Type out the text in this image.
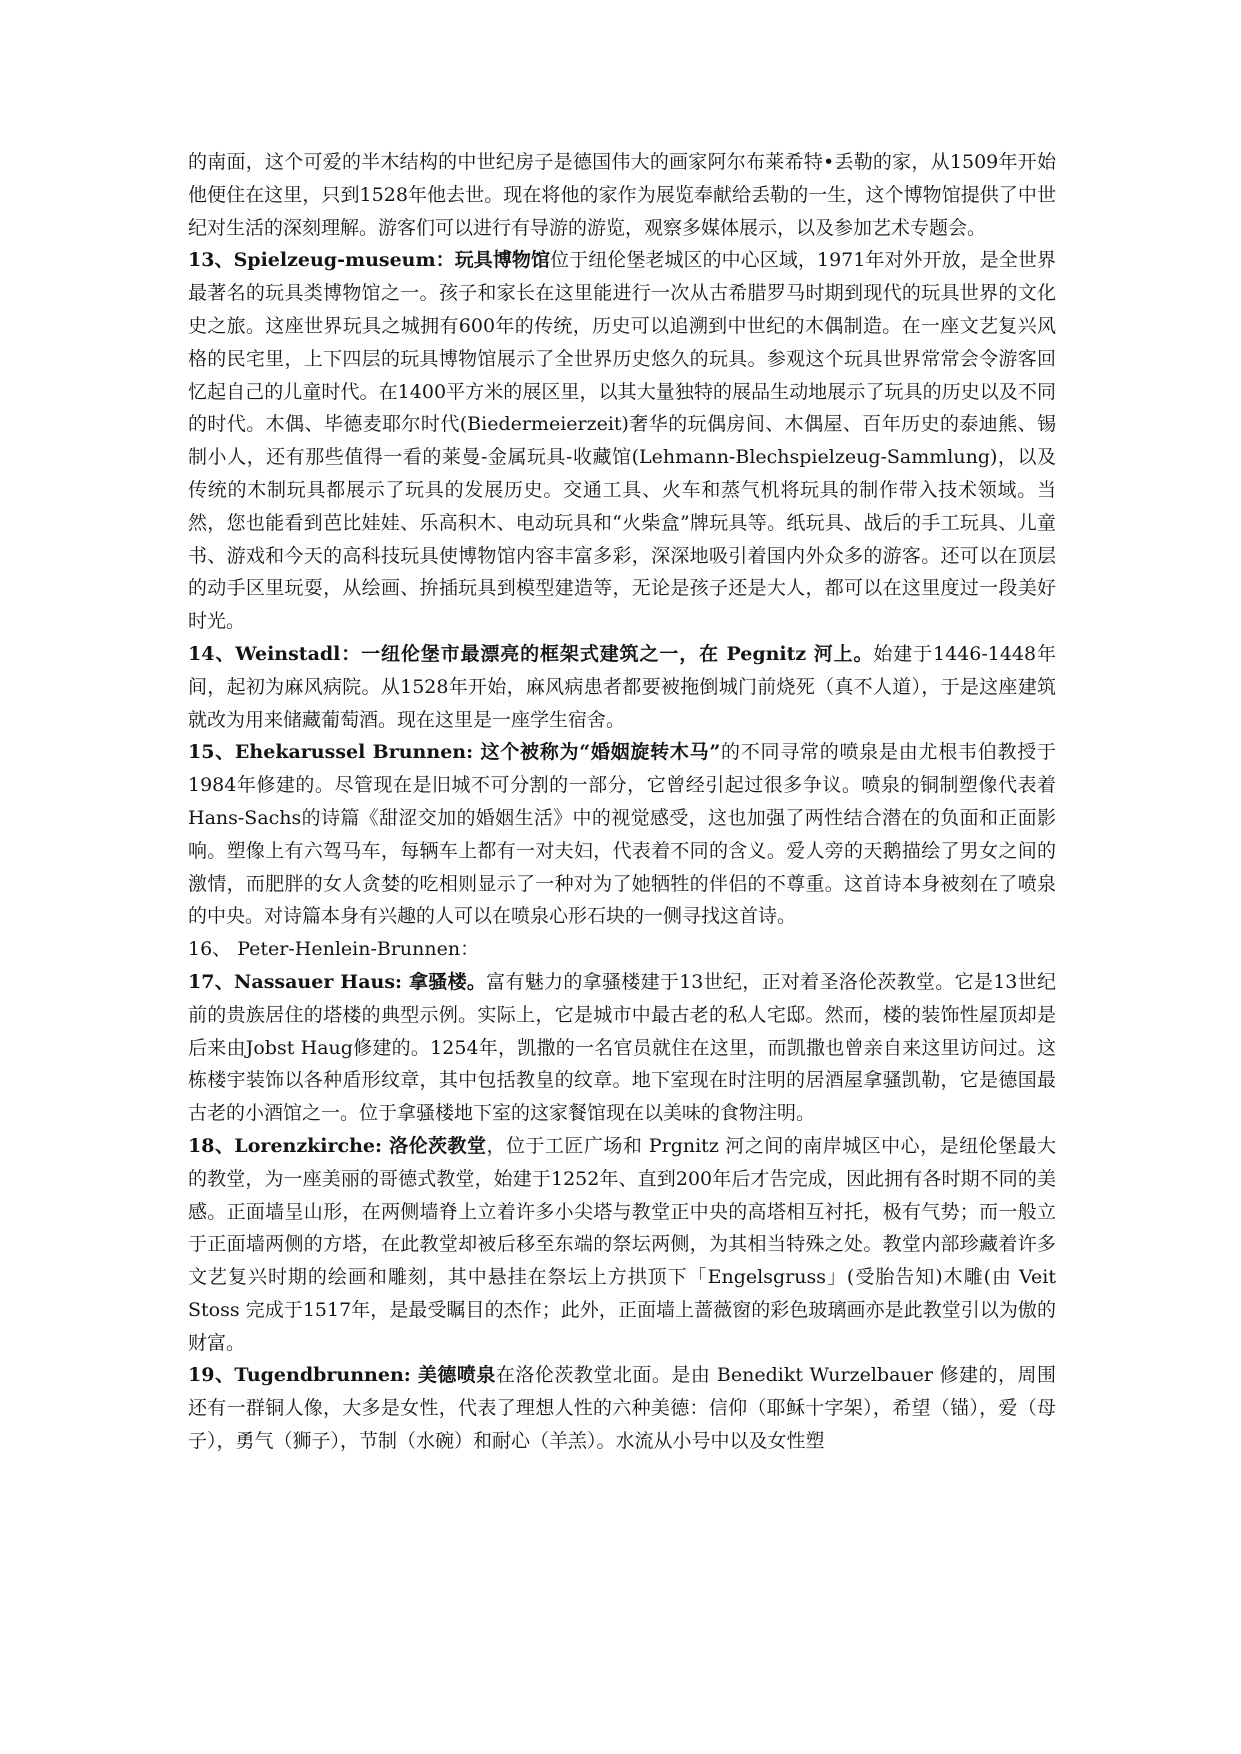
的南面，这个可爱的半木结构的中世纪房子是德国伟大的画家阿尔布莱希特•丢勒的家，从1509年开始他便住在这里，只到1528年他去世。现在将他的家作为展览奉献给丢勒的一生，这个博物馆提供了中世纪对生活的深刻理解。游客们可以进行有导游的游览，观察多媒体展示，以及参加艺术专题会。

13、Spielzeug-museum：玩具博物馆位于纽伦堡老城区的中心区域，1971年对外开放，是全世界最著名的玩具类博物馆之一。孩子和家长在这里能进行一次从古希腊罗马时期到现代的玩具世界的文化史之旅。这座世界玩具之城拥有600年的传统，历史可以追溯到中世纪的木偶制造。在一座文艺复兴风格的民宅里，上下四层的玩具博物馆展示了全世界历史悠久的玩具。参观这个玩具世界常常会令游客回忆起自己的儿童时代。在1400平方米的展区里，以其大量独特的展品生动地展示了玩具的历史以及不同的时代。木偶、毕德麦耶尔时代(Biedermeierzeit)奢华的玩偶房间、木偶屋、百年历史的泰迪熊、锡制小人，还有那些值得一看的莱曼-金属玩具-收藏馆(Lehmann-Blechspielzeug-Sammlung)，以及传统的木制玩具都展示了玩具的发展历史。交通工具、火车和蒸气机将玩具的制作带入技术领域。当然，您也能看到芭比娃娃、乐高积木、电动玩具和“火柴盒”牌玩具等。纸玩具、战后的手工玩具、儿童书、游戏和今天的高科技玩具使博物馆内容丰富多彩，深深地吸引着国内外众多的游客。还可以在顶层的动手区里玩耍，从绘画、拚插玩具到模型建造等，无论是孩子还是大人，都可以在这里度过一段美好时光。

14、Weinstadl：一纽伦堡市最漂亮的框架式建筑之一，在 Pegnitz 河上。始建于1446-1448年间，起初为麻风病院。从1528年开始，麻风病患者都要被拖倒城门前烧死（真不人道），于是这座建筑就改为用来储藏葡萄酒。现在这里是一座学生宿舍。

15、Ehekarussel Brunnen: 这个被称为“婚姻旋转木马”的不同寻常的喷泉是由尤根韦伯教授于1984年修建的。尽管现在是旧城不可分割的一部分，它曾经引起过很多争议。喷泉的铜制塑像代表着 Hans-Sachs的诗篇《甜涩交加的婚姻生活》中的视觉感受，这也加强了两性结合潜在的负面和正面影响。塑像上有六驾马车，每辆车上都有一对夫妇，代表着不同的含义。爱人旁的天鹅描绘了男女之间的激情，而肥胖的女人贪婪的吃相则显示了一种对为了她牺牲的伴侣的不尊重。这首诗本身被刻在了喷泉的中央。对诗篇本身有兴趣的人可以在喷泉心形石块的一侧寻找这首诗。

16、 Peter-Henlein-Brunnen：

17、Nassauer Haus: 拿骚楼。富有魅力的拿骚楼建于13世纪，正对着圣洛伦茨教堂。它是13世纪前的贵族居住的塔楼的典型示例。实际上，它是城市中最古老的私人宅邸。然而，楼的装饰性屋顶却是后来由Jobst Haug修建的。1254年，凯撒的一名官员就住在这里，而凯撒也曾亲自来这里访问过。这栋楼宇装饰以各种盾形纹章，其中包括教皇的纹章。地下室现在时注明的居酒屋拿骚凯勒，它是德国最古老的小酒馆之一。位于拿骚楼地下室的这家餐馆现在以美味的食物注明。

18、Lorenzkirche: 洛伦茨教堂，位于工匠广场和 Prgnitz 河之间的南岸城区中心，是纽伦堡最大的教堂，为一座美丽的哥德式教堂，始建于1252年、直到200年后才告完成，因此拥有各时期不同的美感。正面墙呈山形，在两侧墙脊上立着许多小尖塔与教堂正中央的高塔相互衬托，极有气势；而一般立于正面墙两侧的方塔，在此教堂却被后移至东端的祭坛两侧，为其相当特殊之处。教堂内部珍藏着许多文艺复兴时期的绘画和雕刻，其中悬挂在祭坛上方拱顶下「Engelsgruss」(受胎告知)木雕(由 Veit Stoss 完成于1517年，是最受瞩目的杰作；此外，正面墙上蔷薇窗的彩色玻璃画亦是此教堂引以为傲的财富。

19、Tugendbrunnen: 美德喷泉在洛伦茨教堂北面。是由 Benedikt Wurzelbauer 修建的，周围还有一群铜人像，大多是女性，代表了理想人性的六种美德：信仰（耶稣十字架），希望（锚），爱（母子），勇气（狮子），节制（水碗）和耐心（羊羔）。水流从小号中以及女性塑
